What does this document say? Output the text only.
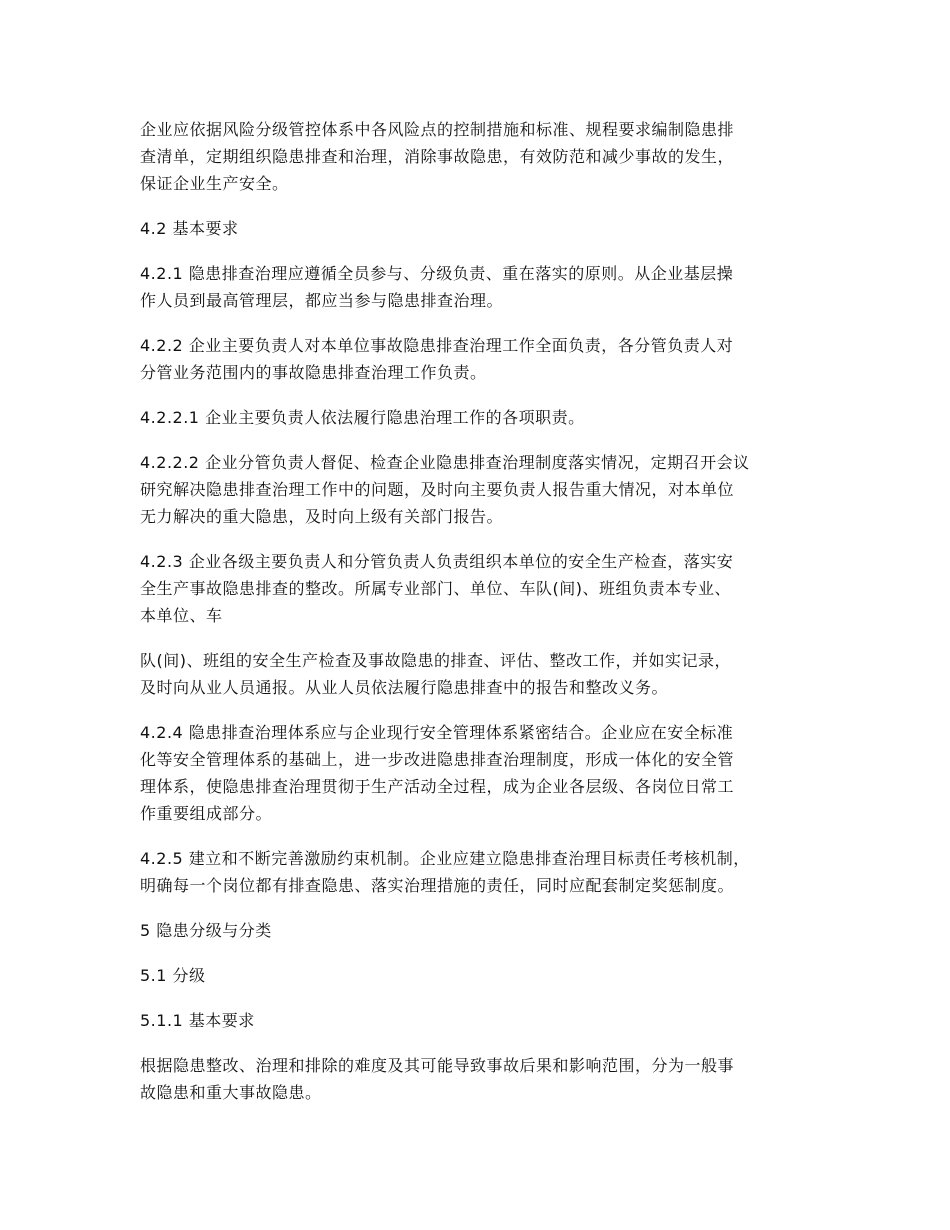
企业应依据风险分级管控体系中各风险点的控制措施和标准、规程要求编制隐患排
查清单，定期组织隐患排查和治理，消除事故隐患，有效防范和减少事故的发生，
保证企业生产安全。
4.2 基本要求
4.2.1 隐患排查治理应遵循全员参与、分级负责、重在落实的原则。从企业基层操
作人员到最高管理层，都应当参与隐患排查治理。
4.2.2 企业主要负责人对本单位事故隐患排查治理工作全面负责，各分管负责人对
分管业务范围内的事故隐患排查治理工作负责。
4.2.2.1 企业主要负责人依法履行隐患治理工作的各项职责。
4.2.2.2 企业分管负责人督促、检查企业隐患排查治理制度落实情况，定期召开会议
研究解决隐患排查治理工作中的问题，及时向主要负责人报告重大情况，对本单位
无力解决的重大隐患，及时向上级有关部门报告。
4.2.3 企业各级主要负责人和分管负责人负责组织本单位的安全生产检查，落实安
全生产事故隐患排查的整改。所属专业部门、单位、车队(间)、班组负责本专业、
本单位、车
队(间)、班组的安全生产检查及事故隐患的排查、评估、整改工作，并如实记录，
及时向从业人员通报。从业人员依法履行隐患排查中的报告和整改义务。
4.2.4 隐患排查治理体系应与企业现行安全管理体系紧密结合。企业应在安全标准
化等安全管理体系的基础上，进一步改进隐患排查治理制度，形成一体化的安全管
理体系，使隐患排查治理贯彻于生产活动全过程，成为企业各层级、各岗位日常工
作重要组成部分。
4.2.5 建立和不断完善激励约束机制。企业应建立隐患排查治理目标责任考核机制，
明确每一个岗位都有排查隐患、落实治理措施的责任，同时应配套制定奖惩制度。
5 隐患分级与分类
5.1 分级
5.1.1 基本要求
根据隐患整改、治理和排除的难度及其可能导致事故后果和影响范围，分为一般事
故隐患和重大事故隐患。
